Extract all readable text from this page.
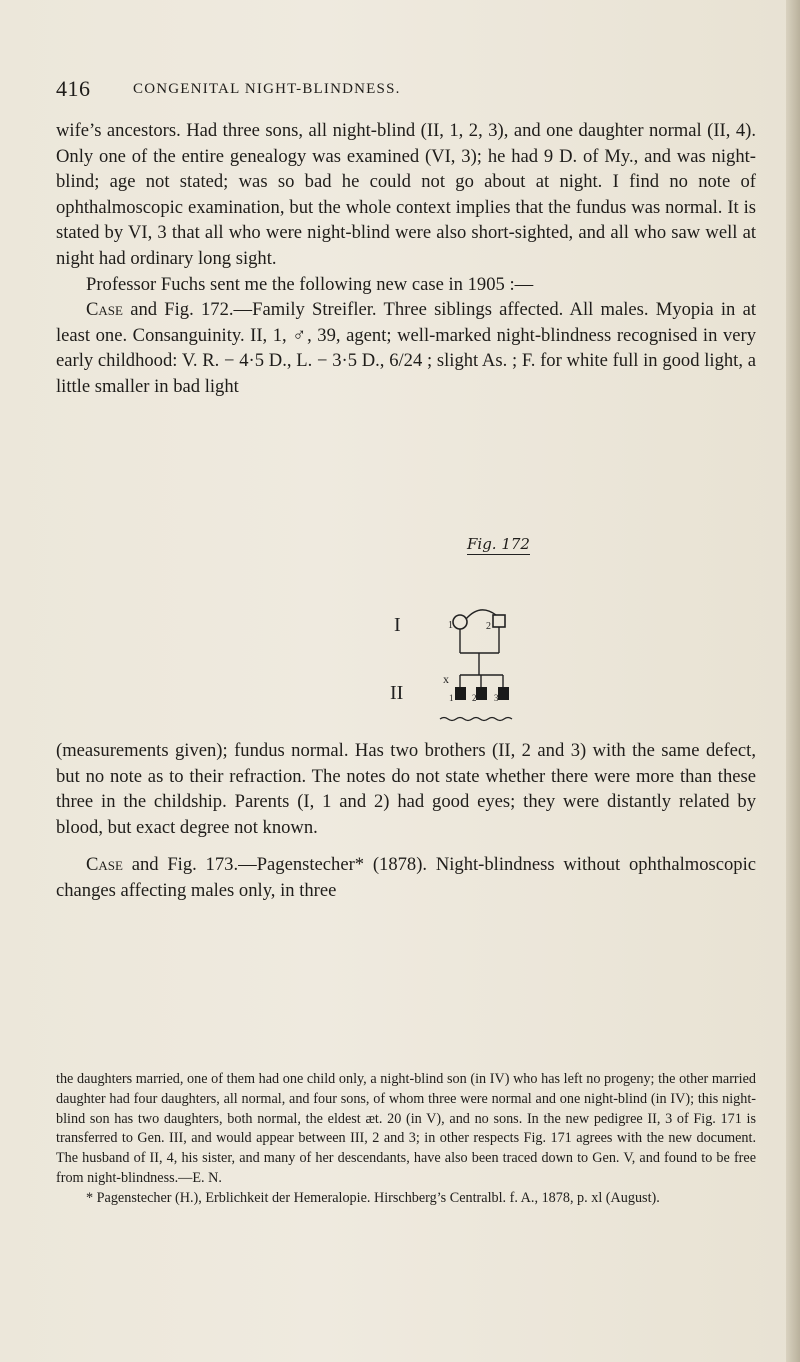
416	CONGENITAL NIGHT-BLINDNESS.

wife’s ancestors. Had three sons, all night-blind (II, 1, 2, 3), and one daughter normal (II, 4). Only one of the entire genealogy was examined (VI, 3); he had 9 D. of My., and was night-blind; age not stated; was so bad he could not go about at night. I find no note of ophthalmoscopic examination, but the whole context implies that the fundus was normal. It is stated by VI, 3 that all who were night-blind were also short-sighted, and all who saw well at night had ordinary long sight.

Professor Fuchs sent me the following new case in 1905 :—

Case and Fig. 172.—Family Streifler. Three siblings affected. All males. Myopia in at least one. Consanguinity. II, 1, ♂, 39, agent; well-marked night-blindness recognised in very early childhood: V. R. − 4·5 D., L. − 3·5 D., 6/24 ; slight As. ; F. for white full in good light, a little smaller in bad light

Fig. 172
I
II
1	2
x
1 2 3

(measurements given); fundus normal. Has two brothers (II, 2 and 3) with the same defect, but no note as to their refraction. The notes do not state whether there were more than these three in the childship. Parents (I, 1 and 2) had good eyes; they were distantly related by blood, but exact degree not known.

Case and Fig. 173.—Pagenstecher* (1878). Night-blindness without ophthalmoscopic changes affecting males only, in three

the daughters married, one of them had one child only, a night-blind son (in IV) who has left no progeny; the other married daughter had four daughters, all normal, and four sons, of whom three were normal and one night-blind (in IV); this night-blind son has two daughters, both normal, the eldest æt. 20 (in V), and no sons. In the new pedigree II, 3 of Fig. 171 is transferred to Gen. III, and would appear between III, 2 and 3; in other respects Fig. 171 agrees with the new document. The husband of II, 4, his sister, and many of her descendants, have also been traced down to Gen. V, and found to be free from night-blindness.—E. N.

* Pagenstecher (H.), Erblichkeit der Hemeralopie. Hirschberg’s Centralbl. f. A., 1878, p. xl (August).
